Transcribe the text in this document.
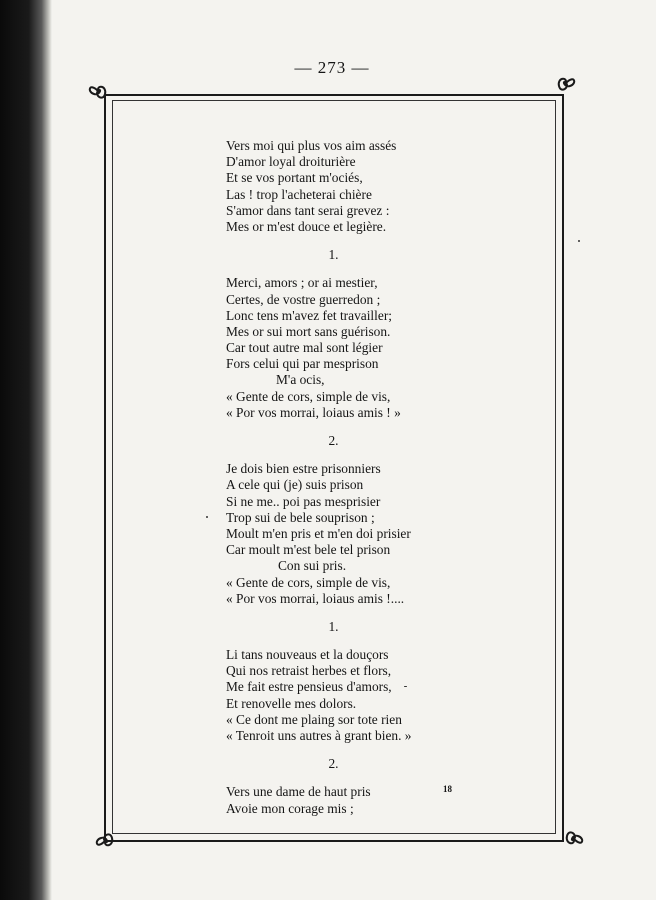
— 273 —
Vers moi qui plus vos aim assés
D'amor loyal droiturière
Et se vos portant m'ociés,
Las ! trop l'acheterai chière
S'amor dans tant serai grevez :
Mes or m'est douce et legière.
1.
Merci, amors ; or ai mestier,
Certes, de vostre guerredon ;
Lonc tens m'avez fet travailler;
Mes or sui mort sans guérison.
Car tout autre mal sont légier
Fors celui qui par mesprison
M'a ocis,
« Gente de cors, simple de vis,
« Por vos morrai, loiaus amis ! »
2.
Je dois bien estre prisonniers
A cele qui (je) suis prison
Si ne me.. poi pas mesprisier
Trop sui de bele souprison ;
Moult m'en pris et m'en doi prisier
Car moult m'est bele tel prison
Con sui pris.
« Gente de cors, simple de vis,
« Por vos morrai, loiaus amis !....
1.
Li tans nouveaus et la douçors
Qui nos retraist herbes et flors,
Me fait estre pensieus d'amors,
Et renovelle mes dolors.
« Ce dont me plaing sor tote rien
« Tenroit uns autres à grant bien. »
2.
Vers une dame de haut pris
Avoie mon corage mis ;
18
